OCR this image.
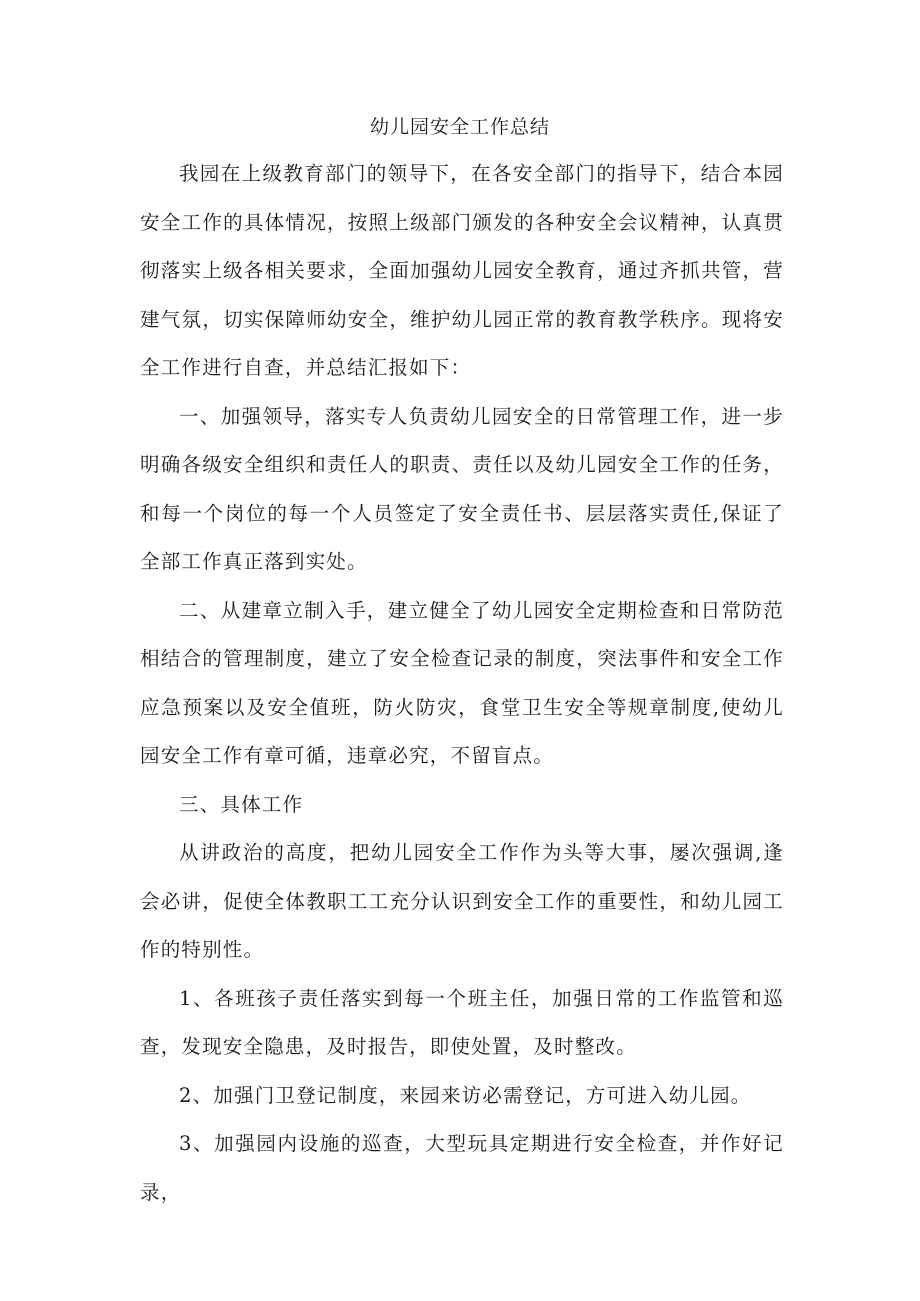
幼儿园安全工作总结

我园在上级教育部门的领导下，在各安全部门的指导下，结合本园安全工作的具体情况，按照上级部门颁发的各种安全会议精神，认真贯彻落实上级各相关要求，全面加强幼儿园安全教育，通过齐抓共管，营建气氛，切实保障师幼安全，维护幼儿园正常的教育教学秩序。现将安全工作进行自查，并总结汇报如下：

一、加强领导，落实专人负责幼儿园安全的日常管理工作，进一步明确各级安全组织和责任人的职责、责任以及幼儿园安全工作的任务，和每一个岗位的每一个人员签定了安全责任书、层层落实责任,保证了全部工作真正落到实处。

二、从建章立制入手，建立健全了幼儿园安全定期检查和日常防范相结合的管理制度，建立了安全检查记录的制度，突法事件和安全工作应急预案以及安全值班，防火防灾，食堂卫生安全等规章制度,使幼儿园安全工作有章可循，违章必究，不留盲点。

三、具体工作

从讲政治的高度，把幼儿园安全工作作为头等大事，屡次强调,逢会必讲，促使全体教职工工充分认识到安全工作的重要性，和幼儿园工作的特别性。

1、各班孩子责任落实到每一个班主任，加强日常的工作监管和巡查，发现安全隐患，及时报告，即使处置，及时整改。

2、加强门卫登记制度，来园来访必需登记，方可进入幼儿园。

3、加强园内设施的巡查，大型玩具定期进行安全检查，并作好记录，
